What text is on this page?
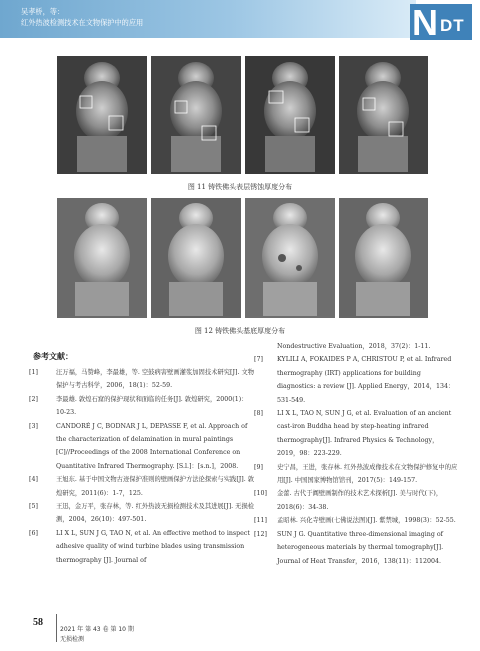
吴孝桥，等：
红外热波检测技术在文物保护中的应用	N DT
图 11 铸铁佛头表层锈蚀厚度分布
图 12 铸铁佛头基底厚度分布
参考文献：
[1]	汪万福，马赞峰，李最雄，等. 空鼓病害壁画灌浆加固技术研究[J]. 文物保护与考古科学，2006，18(1)：52-59.
[2]	李最雄. 敦煌石窟的保护现状和面临的任务[J]. 敦煌研究，2000(1)：10-23.
[3]	CANDORÉ J C, BODNAR J L, DEPASSE F, et al. Approach of the characterization of delamination in mural paintings [C]//Proceedings of the 2008 International Conference on Quantitative Infrared Thermography. [S.l.]：[s.n.]，2008.
[4]	王旭东. 基于中国文物古迹保护准则的壁画保护方法论探索与实践[J]. 敦煌研究，2011(6)：1-7，125.
[5]	王迅，金万平，张存林，等. 红外热波无损检测技术及其进展[J]. 无损检测，2004，26(10)：497-501.
[6]	LI X L, SUN J G, TAO N, et al. An effective method to inspect adhesive quality of wind turbine blades using transmission thermography [J]. Journal of
Nondestructive Evaluation，2018，37(2)：1-11.
[7] KYLILI A, FOKAIDES P A, CHRISTOU P, et al. Infrared thermography (IRT) applications for building diagnostics: a review [J]. Applied Energy，2014，134：531-549.
[8] LI X L, TAO N, SUN J G, et al. Evaluation of an ancient cast-iron Buddha head by step-heating infrared thermography[J]. Infrared Physics & Technology，2019，98：223-229.
[9] 史宁昌，王进，张存林. 红外热波成像技术在文物保护修复中的应用[J]. 中国国家博物馆馆刊，2017(5)：149-157.
[10] 金蕾. 古代于阗壁画制作的技术艺术探析[J]. 美与时代(下)，2018(6)：34-38.
[11] 孟昭林. 兴化寺壁画(七佛说法图)[J]. 紫禁城，1998(3)：52-55.
[12] SUN J G. Quantitative three-dimensional imaging of heterogeneous materials by thermal tomography[J]. Journal of Heat Transfer，2016，138(11)：112004.
58
2021 年 第 43 卷 第 10 期
无损检测
